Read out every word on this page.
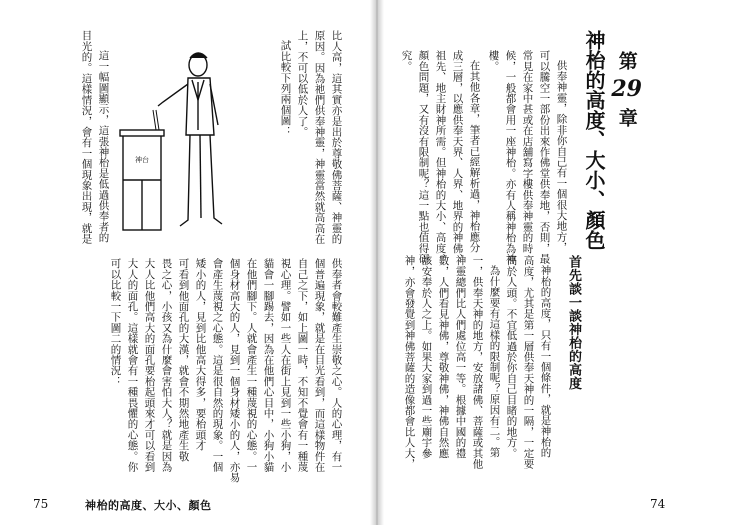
第29章
神枱的高度、大小、顏色
供奉神靈，除非你自己有一個很大地方，
可以騰空一部份出來作佛堂供奉地，否則，最
常見在家中甚或在店舖寫字樓供奉神靈的時
候，一般都會用一座神枱。亦有人稱神枱為神
樓。
在其他各章，筆者已經解析過，神枱應分
成三層，以應供奉天界、人界、地界的神佛、
祖先、地主財神所需。但神枱的大小、高度、
顏色問題，又有沒有限制呢？這一點也值得研
究。
首先談一談神枱的高度
神枱的高度，只有一個條件，就是神枱的
高度，尤其是第一層供奉天神的一隔，一定要
高於人頭。不宜低過於你自己目睹的地方。
為什麼要有這樣的限制呢？原因有二。第
一，供奉天神的地方，安放諸佛、菩薩或其他
神靈總們比人們處位高一等。根據中國的禮
數，人們看見神佛，尊敬神佛，神佛自然應
該安奉於人之上。如果大家到過一些廟宇參
神，亦會發覺到神佛菩薩的造像都會比人大，
74
比人高，這其實亦是出於尊敬佛菩薩、神靈的
原因。因為祂們供奉神靈，神靈當然就高高在
上，不可以低於人了。
試比較下列兩個圖：
神台
這一幅圖顯示，這張神枱是低過供奉者的
目光的。這樣情況，會有一個現象出現，就是
供奉者會較難產生崇敬之心。人的心理，有一
個普遍現象，就是在目光看到，而這樣物件在
自己之下，如上圖一時，不知不覺會有一種蔑
視心理。譬如一些人在街上見到一些小狗，小
貓會一腳踢去，因為在他們心目中，小狗小貓
在他們腳下。人就會產生一種蔑視的心態。一
個身材高大的人，見到一個身材矮小的人，亦易
會產生蔑視之心態。這是很自然的現象。一個
矮小的人，見到比他高大得多，要枱頭才
可看到他面孔的大漢，就會不期然地產生敬
畏之心，小孩又為什麼會害怕大人？就是因為
大人比他們高大的面孔要枱起頭來才可以看到
大人的面孔。這樣就會有一種畏懼的心態。你
可以比較一下圖二的情況：
75	神枱的高度、大小、顏色
